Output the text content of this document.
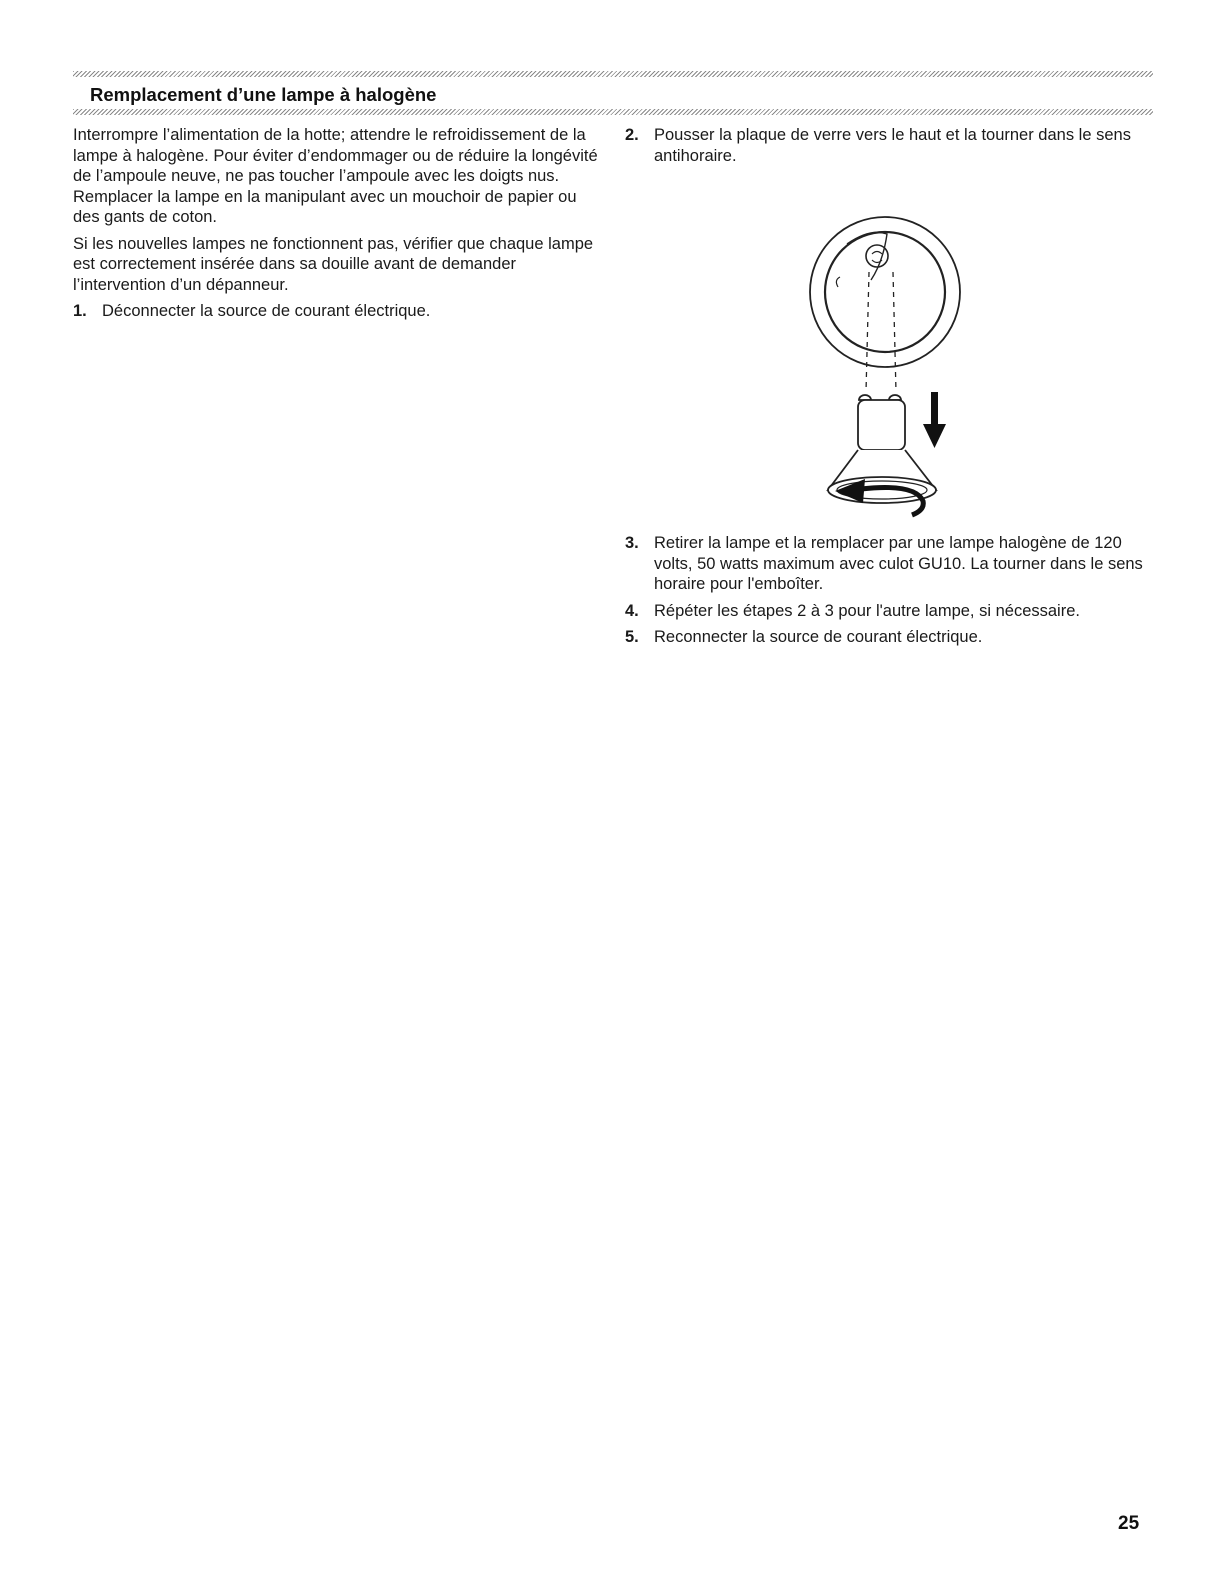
Remplacement d’une lampe à halogène

Interrompre l’alimentation de la hotte; attendre le refroidissement de la lampe à halogène. Pour éviter d’endommager ou de réduire la longévité de l’ampoule neuve, ne pas toucher l’ampoule avec les doigts nus. Remplacer la lampe en la manipulant avec un mouchoir de papier ou des gants de coton.

Si les nouvelles lampes ne fonctionnent pas, vérifier que chaque lampe est correctement insérée dans sa douille avant de demander l’intervention d’un dépanneur.

1. Déconnecter la source de courant électrique.
2. Pousser la plaque de verre vers le haut et la tourner dans le sens antihoraire.
3. Retirer la lampe et la remplacer par une lampe halogène de 120 volts, 50 watts maximum avec culot GU10. La tourner dans le sens horaire pour l'emboîter.
4. Répéter les étapes 2 à 3 pour l'autre lampe, si nécessaire.
5. Reconnecter la source de courant électrique.
25
